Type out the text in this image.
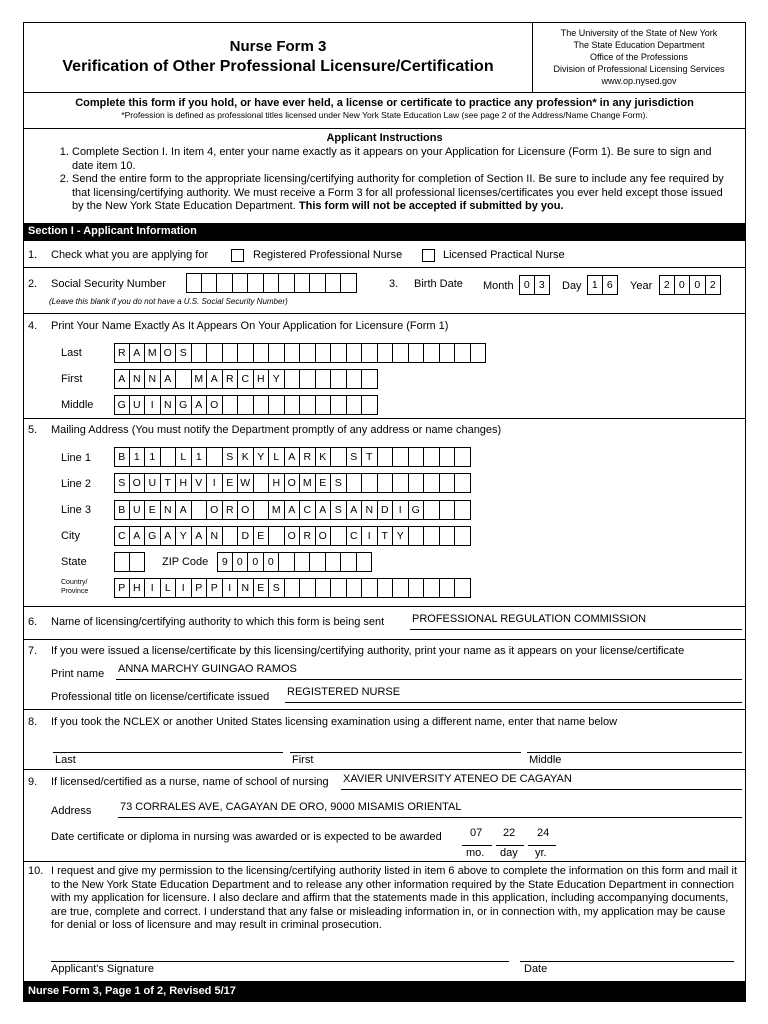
Nurse Form 3
Verification of Other Professional Licensure/Certification
The University of the State of New York
The State Education Department
Office of the Professions
Division of Professional Licensing Services
www.op.nysed.gov
Complete this form if you hold, or have ever held, a license or certificate to practice any profession* in any jurisdiction
*Profession is defined as professional titles licensed under New York State Education Law (see page 2 of the Address/Name Change Form).
Applicant Instructions
1. Complete Section I. In item 4, enter your name exactly as it appears on your Application for Licensure (Form 1). Be sure to sign and date item 10.
2. Send the entire form to the appropriate licensing/certifying authority for completion of Section II. Be sure to include any fee required by that licensing/certifying authority. We must receive a Form 3 for all professional licenses/certificates you ever held except those issued by the New York State Education Department. This form will not be accepted if submitted by you.
Section I - Applicant Information
1. Check what you are applying for	Registered Professional Nurse	Licensed Practical Nurse
2. Social Security Number
(Leave this blank if you do not have a U.S. Social Security Number)
3. Birth Date Month 0 3	Day 1 6	Year	2 0 0 2
4. Print Your Name Exactly As It Appears On Your Application for Licensure (Form 1)
Last	R A M O S
First	A N N A	M A R C H Y
Middle	G U I N G A O
5. Mailing Address (You must notify the Department promptly of any address or name changes)
Line 1	B 1 1	L 1	S K Y L A R K	S T
Line 2	S O U T H V	I	E W	H O M E S
Line 3	B U E N A	O R O	M A C A S A N D I G
City	C A G A Y A N	D E	O R O	C I	T Y
State	ZIP Code	9 0 0 0
Country/
Province	P H I	L	I	P P	I N E S
6. Name of licensing/certifying authority to which this form is being sent	PROFESSIONAL REGULATION COMMISSION
7. If you were issued a license/certificate by this licensing/certifying authority, print your name as it appears on your license/certificate
Print name ANNA MARCHY GUINGAO RAMOS
Professional title on license/certificate issued REGISTERED NURSE
8. If you took the NCLEX or another United States licensing examination using a different name, enter that name below
Last	First	Middle
9. If licensed/certified as a nurse, name of school of nursing XAVIER UNIVERSITY ATENEO DE CAGAYAN
Address	73 CORRALES AVE, CAGAYAN DE ORO, 9000 MISAMIS ORIENTAL
Date certificate or diploma in nursing was awarded or is expected to be awarded	07 22 24
mo. day yr.
10. I request and give my permission to the licensing/certifying authority listed in item 6 above to complete the information on this form and mail it to the New York State Education Department and to release any other information required by the State Education Department in connection with my application for licensure. I also declare and affirm that the statements made in this application, including accompanying documents, are true, complete and correct. I understand that any false or misleading information in, or in connection with, my application may be cause for denial or loss of licensure and may result in criminal prosecution.
Applicant's Signature	Date
Nurse Form 3, Page 1 of 2, Revised 5/17
